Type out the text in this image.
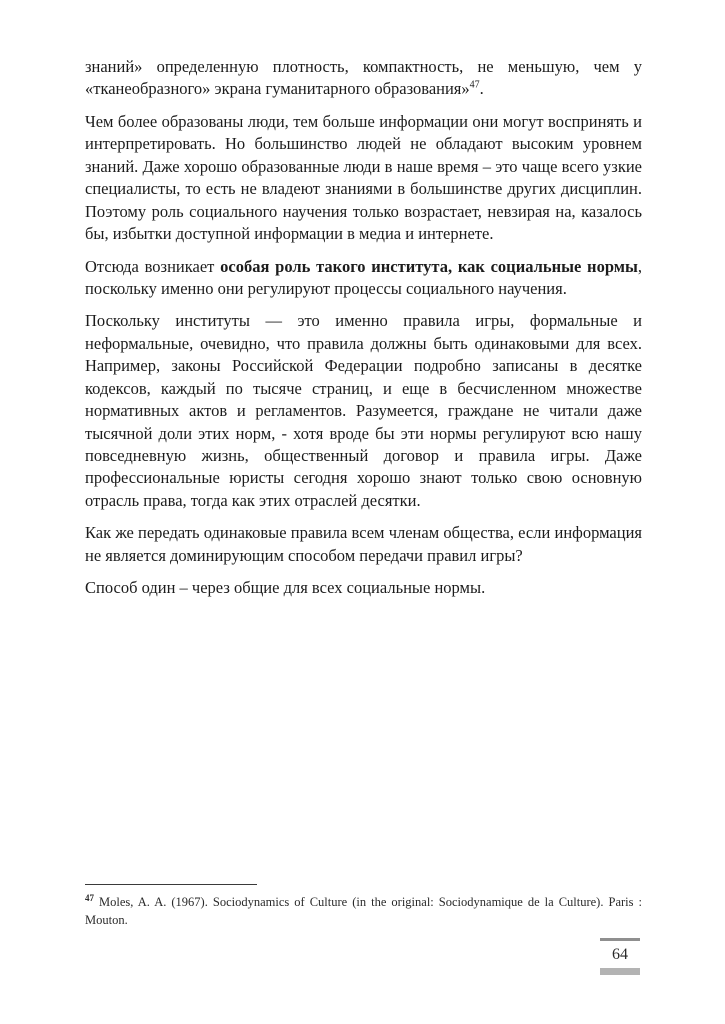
знаний» определенную плотность, компактность, не меньшую, чем у «тканеобразного» экрана гуманитарного образования»$^{47}$.

Чем более образованы люди, тем больше информации они могут воспринять и интерпретировать. Но большинство людей не обладают высоким уровнем знаний. Даже хорошо образованные люди в наше время – это чаще всего узкие специалисты, то есть не владеют знаниями в большинстве других дисциплин. Поэтому роль социального научения только возрастает, невзирая на, казалось бы, избытки доступной информации в медиа и интернете.

Отсюда возникает особая роль такого института, как социальные нормы, поскольку именно они регулируют процессы социального научения.

Поскольку институты — это именно правила игры, формальные и неформальные, очевидно, что правила должны быть одинаковыми для всех. Например, законы Российской Федерации подробно записаны в десятке кодексов, каждый по тысяче страниц, и еще в бесчисленном множестве нормативных актов и регламентов. Разумеется, граждане не читали даже тысячной доли этих норм, - хотя вроде бы эти нормы регулируют всю нашу повседневную жизнь, общественный договор и правила игры. Даже профессиональные юристы сегодня хорошо знают только свою основную отрасль права, тогда как этих отраслей десятки.

Как же передать одинаковые правила всем членам общества, если информация не является доминирующим способом передачи правил игры?

Способ один – через общие для всех социальные нормы.

$^{47}$ Moles, A. A. (1967). Sociodynamics of Culture (in the original: Sociodynamique de la Culture). Paris : Mouton.

64
